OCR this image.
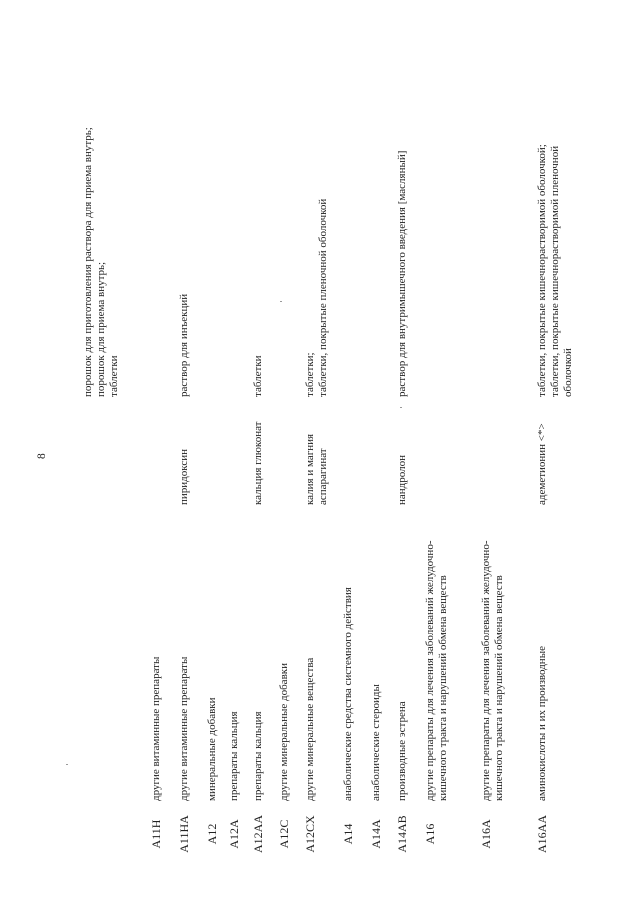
8
A11H
другие витаминные препараты
A11HA
другие витаминные препараты
порошок для приготовления раствора для приема внутрь;
порошок для приема внутрь;
таблетки
A12
минеральные добавки
пиридоксин
раствор для инъекций
A12A
препараты кальция
A12AA
препараты кальция
кальция глюконат
таблетки
A12C
другие минеральные добавки
A12CX
другие минеральные вещества
калия и магния аспарагинат
таблетки;
таблетки, покрытые пленочной оболочкой
A14
анаболические средства системного действия
A14A
анаболические стероиды
A14AB
производные эстрена
нандролон
раствор для внутримышечного введения [масляный]
A16
другие препараты для лечения заболеваний желудочно-кишечного тракта и нарушений обмена веществ
A16A
другие препараты для лечения заболеваний желудочно-кишечного тракта и нарушений обмена веществ
A16AA
аминокислоты и их производные
адеметионин <*>
таблетки, покрытые кишечнорастворимой оболочкой;
таблетки, покрытые кишечнорастворимой пленочной оболочкой
